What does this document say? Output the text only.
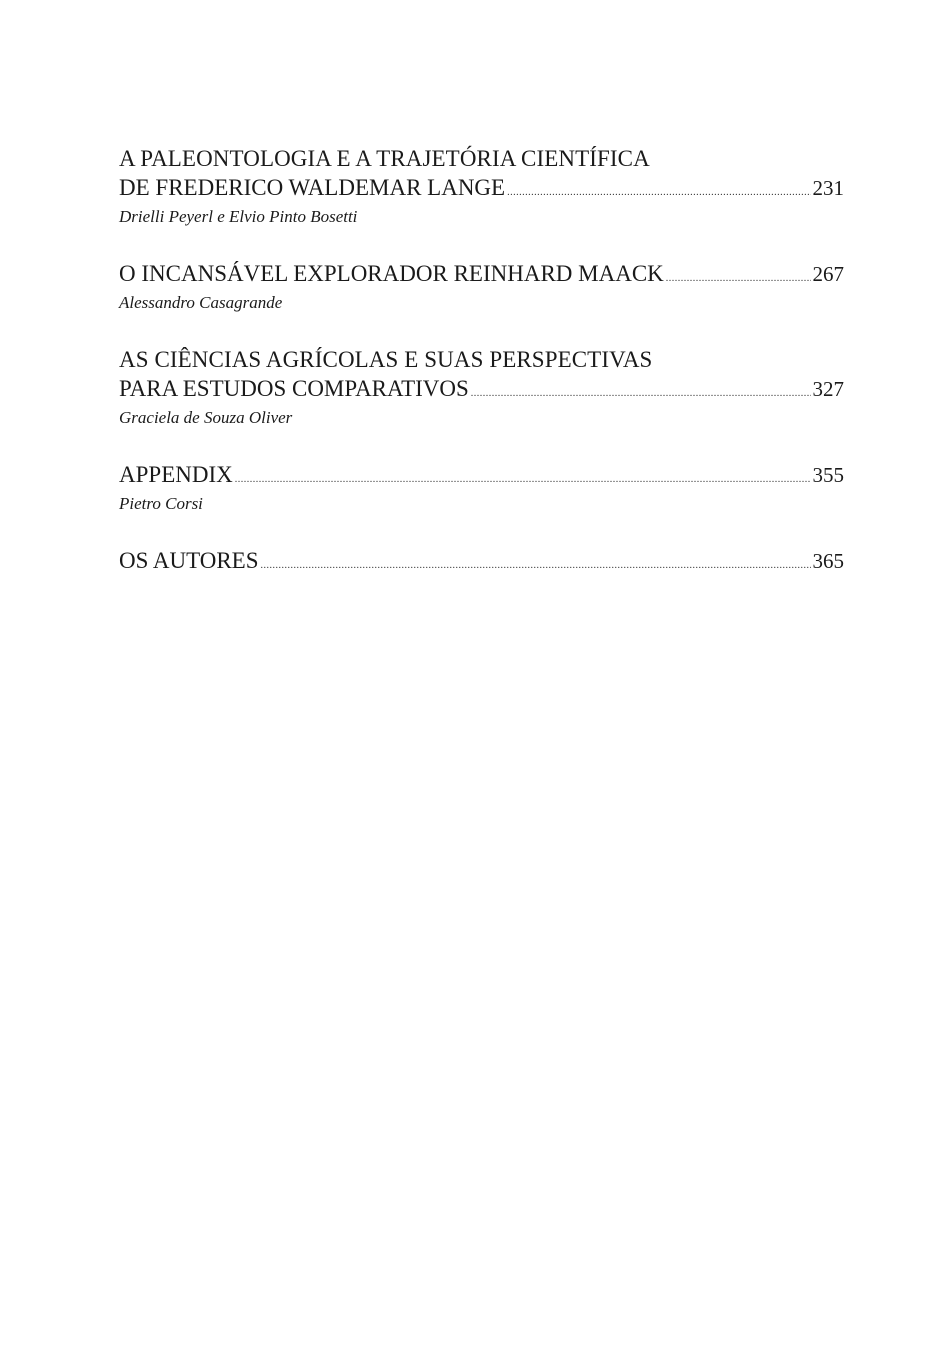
A PALEONTOLOGIA E A TRAJETÓRIA CIENTÍFICA
DE FREDERICO WALDEMAR LANGE .....	231
Drielli Peyerl e Elvio Pinto Bosetti
O INCANSÁVEL EXPLORADOR REINHARD MAACK .....	267
Alessandro Casagrande
AS CIÊNCIAS AGRÍCOLAS E SUAS PERSPECTIVAS
PARA ESTUDOS COMPARATIVOS .....	327
Graciela de Souza Oliver
APPENDIX .....	355
Pietro Corsi
OS AUTORES .....	365
